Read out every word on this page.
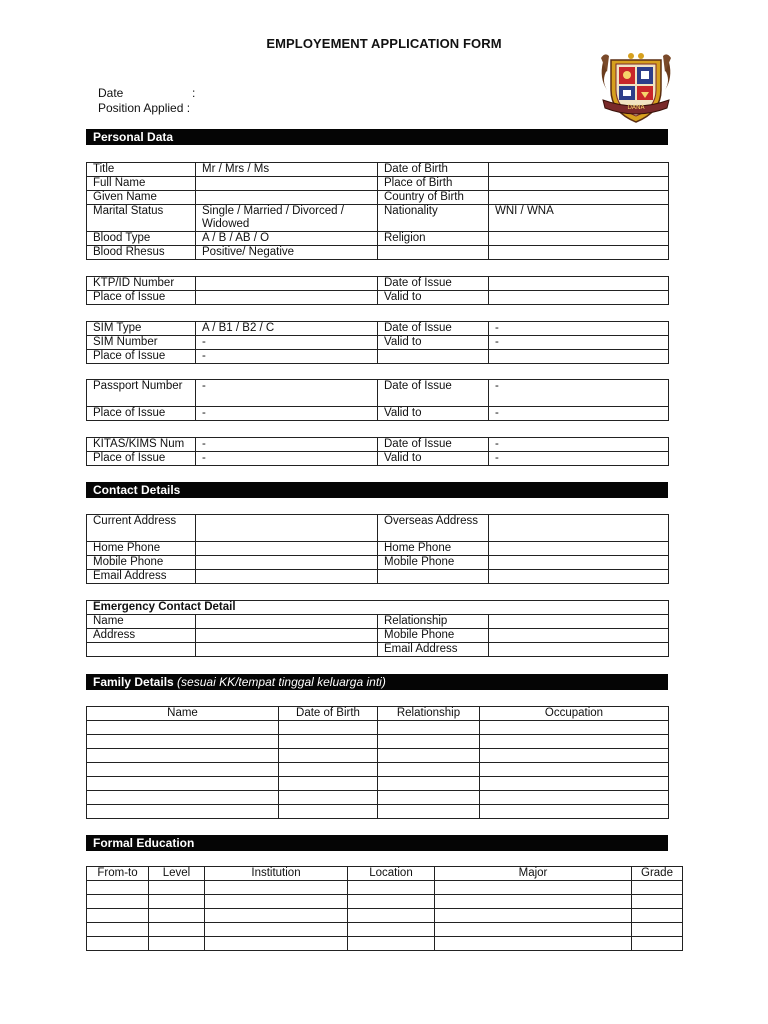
EMPLOYEMENT APPLICATION FORM
DANA
Date	:
Position Applied :
Personal Data
Title	Mr / Mrs / Ms	Date of Birth	
Full Name		Place of Birth	
Given Name		Country of Birth	
Marital Status	Single / Married / Divorced / Widowed	Nationality	WNI / WNA
Blood Type	A / B / AB / O	Religion	
Blood Rhesus	Positive/ Negative		
KTP/ID Number		Date of Issue	
Place of Issue		Valid to	
SIM Type	A / B1 / B2 / C	Date of Issue	-
SIM Number	-	Valid to	-
Place of Issue	-		
Passport Number	-	Date of Issue	-
Place of Issue	-	Valid to	-
KITAS/KIMS Num	-	Date of Issue	-
Place of Issue	-	Valid to	-
Contact Details
Current Address		Overseas Address	
Home Phone		Home Phone	
Mobile Phone		Mobile Phone	
Email Address			
Emergency Contact Detail			
Name		Relationship	
Address		Mobile Phone	
		Email Address	
Family Details (sesuai KK/tempat tinggal keluarga inti)
Name	Date of Birth	Relationship	Occupation

Formal Education
From-to	Level	Institution	Location	Major	Grade
